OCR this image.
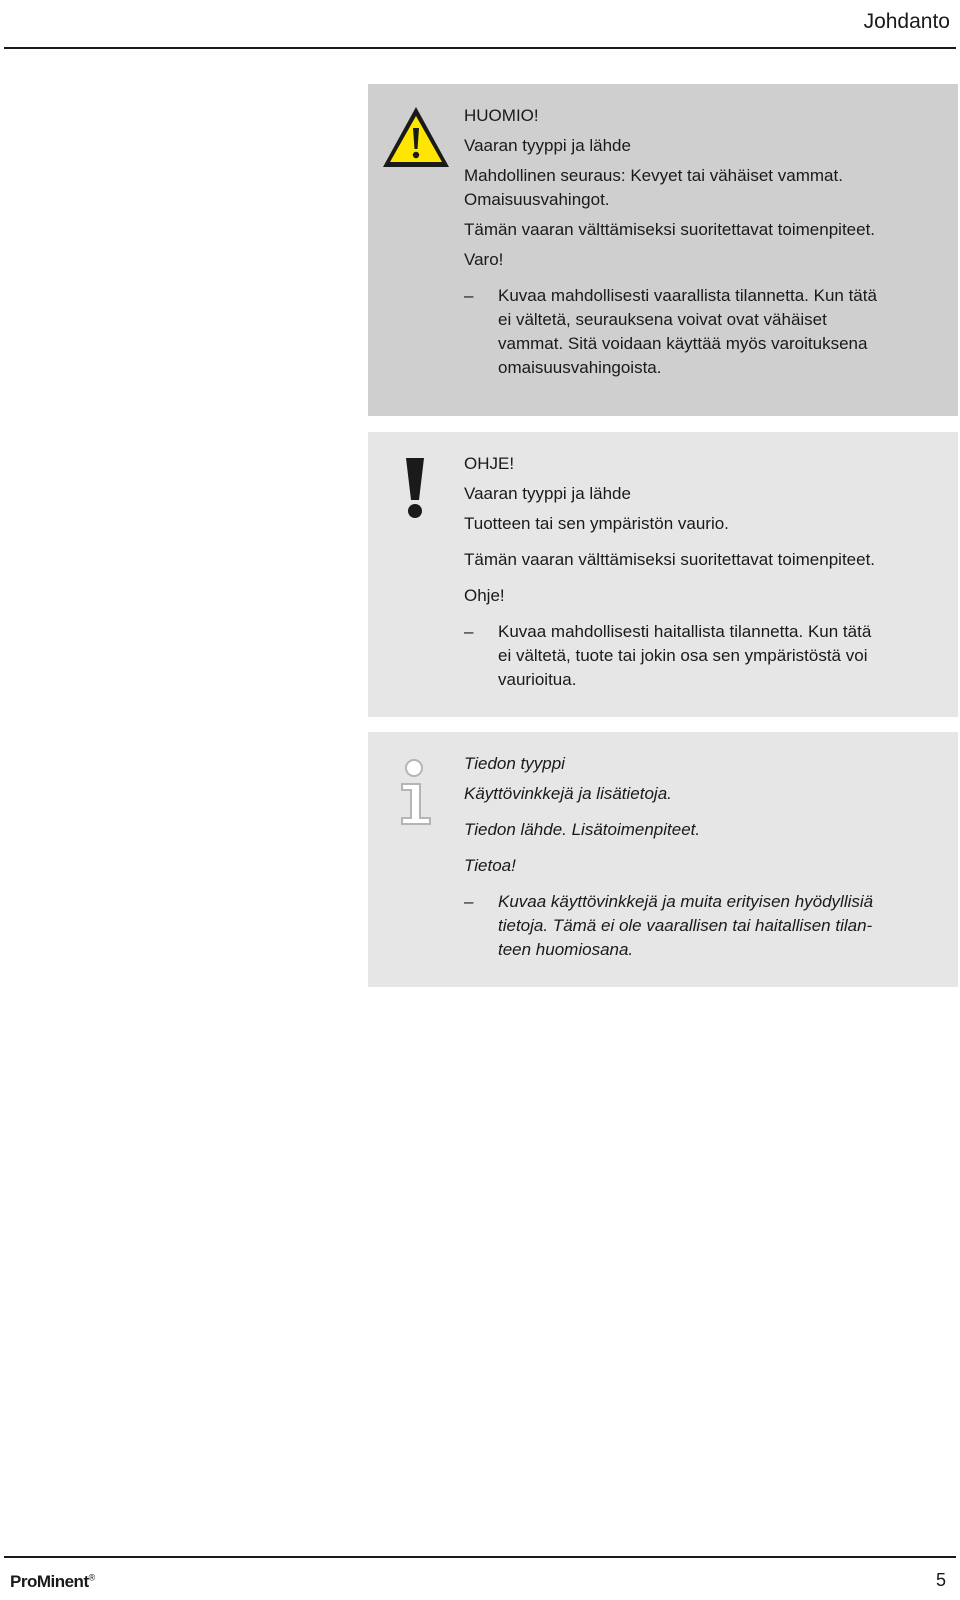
Johdanto
HUOMIO!
Vaaran tyyppi ja lähde
Mahdollinen seuraus: Kevyet tai vähäiset vammat.
Omaisuusvahingot.
Tämän vaaran välttämiseksi suoritettavat toimenpiteet.
Varo!
– Kuvaa mahdollisesti vaarallista tilannetta. Kun tätä
ei vältetä, seurauksena voivat ovat vähäiset
vammat. Sitä voidaan käyttää myös varoituksena
omaisuusvahingoista.
OHJE!
Vaaran tyyppi ja lähde
Tuotteen tai sen ympäristön vaurio.
Tämän vaaran välttämiseksi suoritettavat toimenpiteet.
Ohje!
– Kuvaa mahdollisesti haitallista tilannetta. Kun tätä
ei vältetä, tuote tai jokin osa sen ympäristöstä voi
vaurioitua.
Tiedon tyyppi
Käyttövinkkejä ja lisätietoja.
Tiedon lähde. Lisätoimenpiteet.
Tietoa!
– Kuvaa käyttövinkkejä ja muita erityisen hyödyllisiä
tietoja. Tämä ei ole vaarallisen tai haitallisen tilan-
teen huomiosana.
ProMinent®	5
